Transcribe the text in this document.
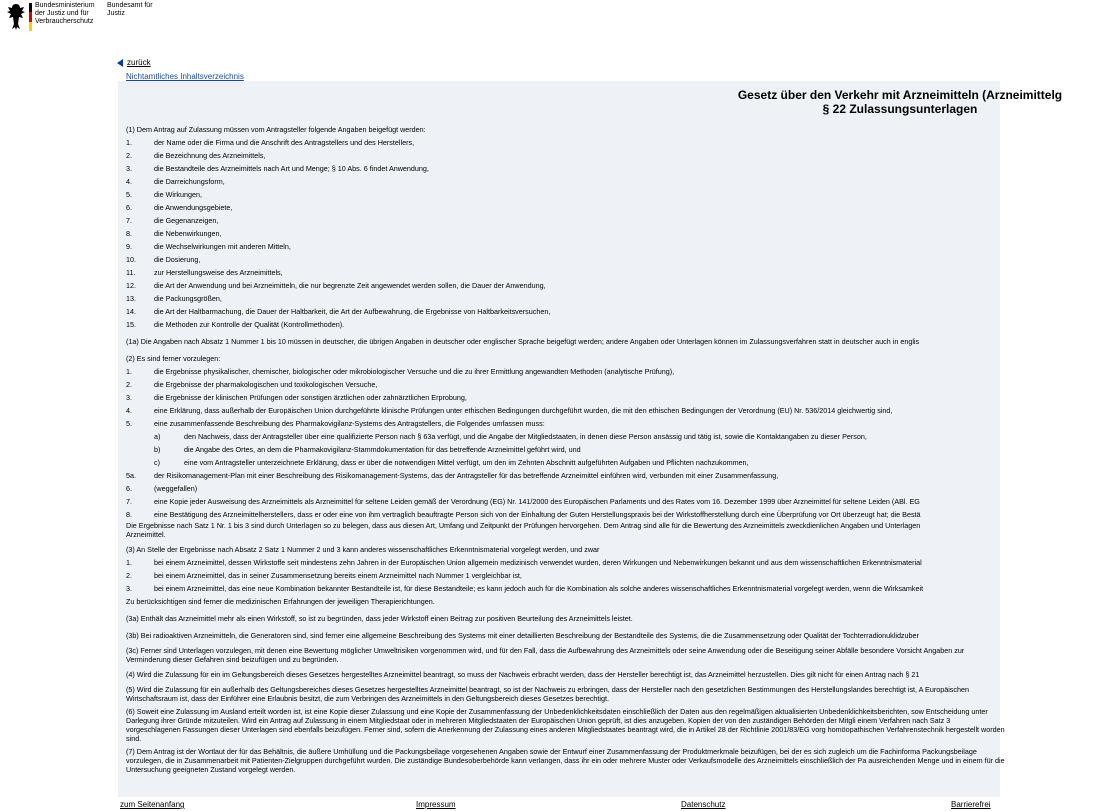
Bundesministerium der Justiz und für Verbraucherschutz
Bundesamt für Justiz
zurück
Nichtamtliches Inhaltsverzeichnis
Gesetz über den Verkehr mit Arzneimitteln (Arzneimittelg
§ 22 Zulassungsunterlagen
(1) Dem Antrag auf Zulassung müssen vom Antragsteller folgende Angaben beigefügt werden:
1.	der Name oder die Firma und die Anschrift des Antragstellers und des Herstellers,
2.	die Bezeichnung des Arzneimittels,
3.	die Bestandteile des Arzneimittels nach Art und Menge; § 10 Abs. 6 findet Anwendung,
4.	die Darreichungsform,
5.	die Wirkungen,
6.	die Anwendungsgebiete,
7.	die Gegenanzeigen,
8.	die Nebenwirkungen,
9.	die Wechselwirkungen mit anderen Mitteln,
10.	die Dosierung,
11.	zur Herstellungsweise des Arzneimittels,
12.	die Art der Anwendung und bei Arzneimitteln, die nur begrenzte Zeit angewendet werden sollen, die Dauer der Anwendung,
13.	die Packungsgrößen,
14.	die Art der Haltbarmachung, die Dauer der Haltbarkeit, die Art der Aufbewahrung, die Ergebnisse von Haltbarkeitsversuchen,
15.	die Methoden zur Kontrolle der Qualität (Kontrollmethoden).
(1a) Die Angaben nach Absatz 1 Nummer 1 bis 10 müssen in deutscher, die übrigen Angaben in deutscher oder englischer Sprache beigefügt werden; andere Angaben oder Unterlagen können im Zulassungsverfahren statt in deutscher auch in englis
(2) Es sind ferner vorzulegen:
1.	die Ergebnisse physikalischer, chemischer, biologischer oder mikrobiologischer Versuche und die zu ihrer Ermittlung angewandten Methoden (analytische Prüfung),
2.	die Ergebnisse der pharmakologischen und toxikologischen Versuche,
3.	die Ergebnisse der klinischen Prüfungen oder sonstigen ärztlichen oder zahnärztlichen Erprobung,
4.	eine Erklärung, dass außerhalb der Europäischen Union durchgeführte klinische Prüfungen unter ethischen Bedingungen durchgeführt wurden, die mit den ethischen Bedingungen der Verordnung (EU) Nr. 536/2014 gleichwertig sind,
5.	eine zusammenfassende Beschreibung des Pharmakovigilanz-Systems des Antragstellers, die Folgendes umfassen muss:
a)	den Nachweis, dass der Antragsteller über eine qualifizierte Person nach § 63a verfügt, und die Angabe der Mitgliedstaaten, in denen diese Person ansässig und tätig ist, sowie die Kontaktangaben zu dieser Person,
b)	die Angabe des Ortes, an dem die Pharmakovigilanz-Stammdokumentation für das betreffende Arzneimittel geführt wird, und
c)	eine vom Antragsteller unterzeichnete Erklärung, dass er über die notwendigen Mittel verfügt, um den im Zehnten Abschnitt aufgeführten Aufgaben und Pflichten nachzukommen,
5a.	der Risikomanagement-Plan mit einer Beschreibung des Risikomanagement-Systems, das der Antragsteller für das betreffende Arzneimittel einführen wird, verbunden mit einer Zusammenfassung,
6.	(weggefallen)
7.	eine Kopie jeder Ausweisung des Arzneimittels als Arzneimittel für seltene Leiden gemäß der Verordnung (EG) Nr. 141/2000 des Europäischen Parlaments und des Rates vom 16. Dezember 1999 über Arzneimittel für seltene Leiden (ABl. EG
8.	eine Bestätigung des Arzneimittelherstellers, dass er oder eine von ihm vertraglich beauftragte Person sich von der Einhaltung der Guten Herstellungspraxis bei der Wirkstoffherstellung durch eine Überprüfung vor Ort überzeugt hat; die Bestä
Die Ergebnisse nach Satz 1 Nr. 1 bis 3 sind durch Unterlagen so zu belegen, dass aus diesen Art, Umfang und Zeitpunkt der Prüfungen hervorgehen. Dem Antrag sind alle für die Bewertung des Arzneimittels zweckdienlichen Angaben und Unterlagen
Arzneimittel.
(3) An Stelle der Ergebnisse nach Absatz 2 Satz 1 Nummer 2 und 3 kann anderes wissenschaftliches Erkenntnismaterial vorgelegt werden, und zwar
1.	bei einem Arzneimittel, dessen Wirkstoffe seit mindestens zehn Jahren in der Europäischen Union allgemein medizinisch verwendet wurden, deren Wirkungen und Nebenwirkungen bekannt und aus dem wissenschaftlichen Erkenntnismaterial
2.	bei einem Arzneimittel, das in seiner Zusammensetzung bereits einem Arzneimittel nach Nummer 1 vergleichbar ist,
3.	bei einem Arzneimittel, das eine neue Kombination bekannter Bestandteile ist, für diese Bestandteile; es kann jedoch auch für die Kombination als solche anderes wissenschaftliches Erkenntnismaterial vorgelegt werden, wenn die Wirksamkeit
Zu berücksichtigen sind ferner die medizinischen Erfahrungen der jeweiligen Therapierichtungen.
(3a) Enthält das Arzneimittel mehr als einen Wirkstoff, so ist zu begründen, dass jeder Wirkstoff einen Beitrag zur positiven Beurteilung des Arzneimittels leistet.
(3b) Bei radioaktiven Arzneimitteln, die Generatoren sind, sind ferner eine allgemeine Beschreibung des Systems mit einer detaillierten Beschreibung der Bestandteile des Systems, die die Zusammensetzung oder Qualität der Tochterradionuklidzuber
(3c) Ferner sind Unterlagen vorzulegen, mit denen eine Bewertung möglicher Umweltrisiken vorgenommen wird, und für den Fall, dass die Aufbewahrung des Arzneimittels oder seine Anwendung oder die Beseitigung seiner Abfälle besondere Vorsicht Angaben zur Verminderung dieser Gefahren sind beizufügen und zu begründen.
(4) Wird die Zulassung für ein im Geltungsbereich dieses Gesetzes hergestelltes Arzneimittel beantragt, so muss der Nachweis erbracht werden, dass der Hersteller berechtigt ist, das Arzneimittel herzustellen. Dies gilt nicht für einen Antrag nach § 21
(5) Wird die Zulassung für ein außerhalb des Geltungsbereiches dieses Gesetzes hergestelltes Arzneimittel beantragt, so ist der Nachweis zu erbringen, dass der Hersteller nach den gesetzlichen Bestimmungen des Herstellungslandes berechtigt ist, A Europäischen Wirtschaftsraum ist, dass der Einführer eine Erlaubnis besitzt, die zum Verbringen des Arzneimittels in den Geltungsbereich dieses Gesetzes berechtigt.
(6) Soweit eine Zulassung im Ausland erteilt worden ist, ist eine Kopie dieser Zulassung und eine Kopie der Zusammenfassung der Unbedenklichkeitsdaten einschließlich der Daten aus den regelmäßigen aktualisierten Unbedenklichkeitsberichten, sow Entscheidung unter Darlegung ihrer Gründe mitzuteilen. Wird ein Antrag auf Zulassung in einem Mitgliedstaat oder in mehreren Mitgliedstaaten der Europäischen Union geprüft, ist dies anzugeben. Kopien der von den zuständigen Behörden der Mitgli einem Verfahren nach Satz 3 vorgeschlagenen Fassungen dieser Unterlagen sind ebenfalls beizufügen. Ferner sind, sofern die Anerkennung der Zulassung eines anderen Mitgliedstaates beantragt wird, die in Artikel 28 der Richtlinie 2001/83/EG vorg homöopathischen Verfahrenstechnik hergestellt worden sind.
(7) Dem Antrag ist der Wortlaut der für das Behältnis, die äußere Umhüllung und die Packungsbeilage vorgesehenen Angaben sowie der Entwurf einer Zusammenfassung der Produktmerkmale beizufügen, bei der es sich zugleich um die Fachinforma Packungsbeilage vorzulegen, die in Zusammenarbeit mit Patienten-Zielgruppen durchgeführt wurden. Die zuständige Bundesoberbehörde kann verlangen, dass ihr ein oder mehrere Muster oder Verkaufsmodelle des Arzneimittels einschließlich der Pa ausreichenden Menge und in einem für die Untersuchung geeigneten Zustand vorgelegt werden.
zum Seitenanfang	Impressum	Datenschutz	Barrierefrei
